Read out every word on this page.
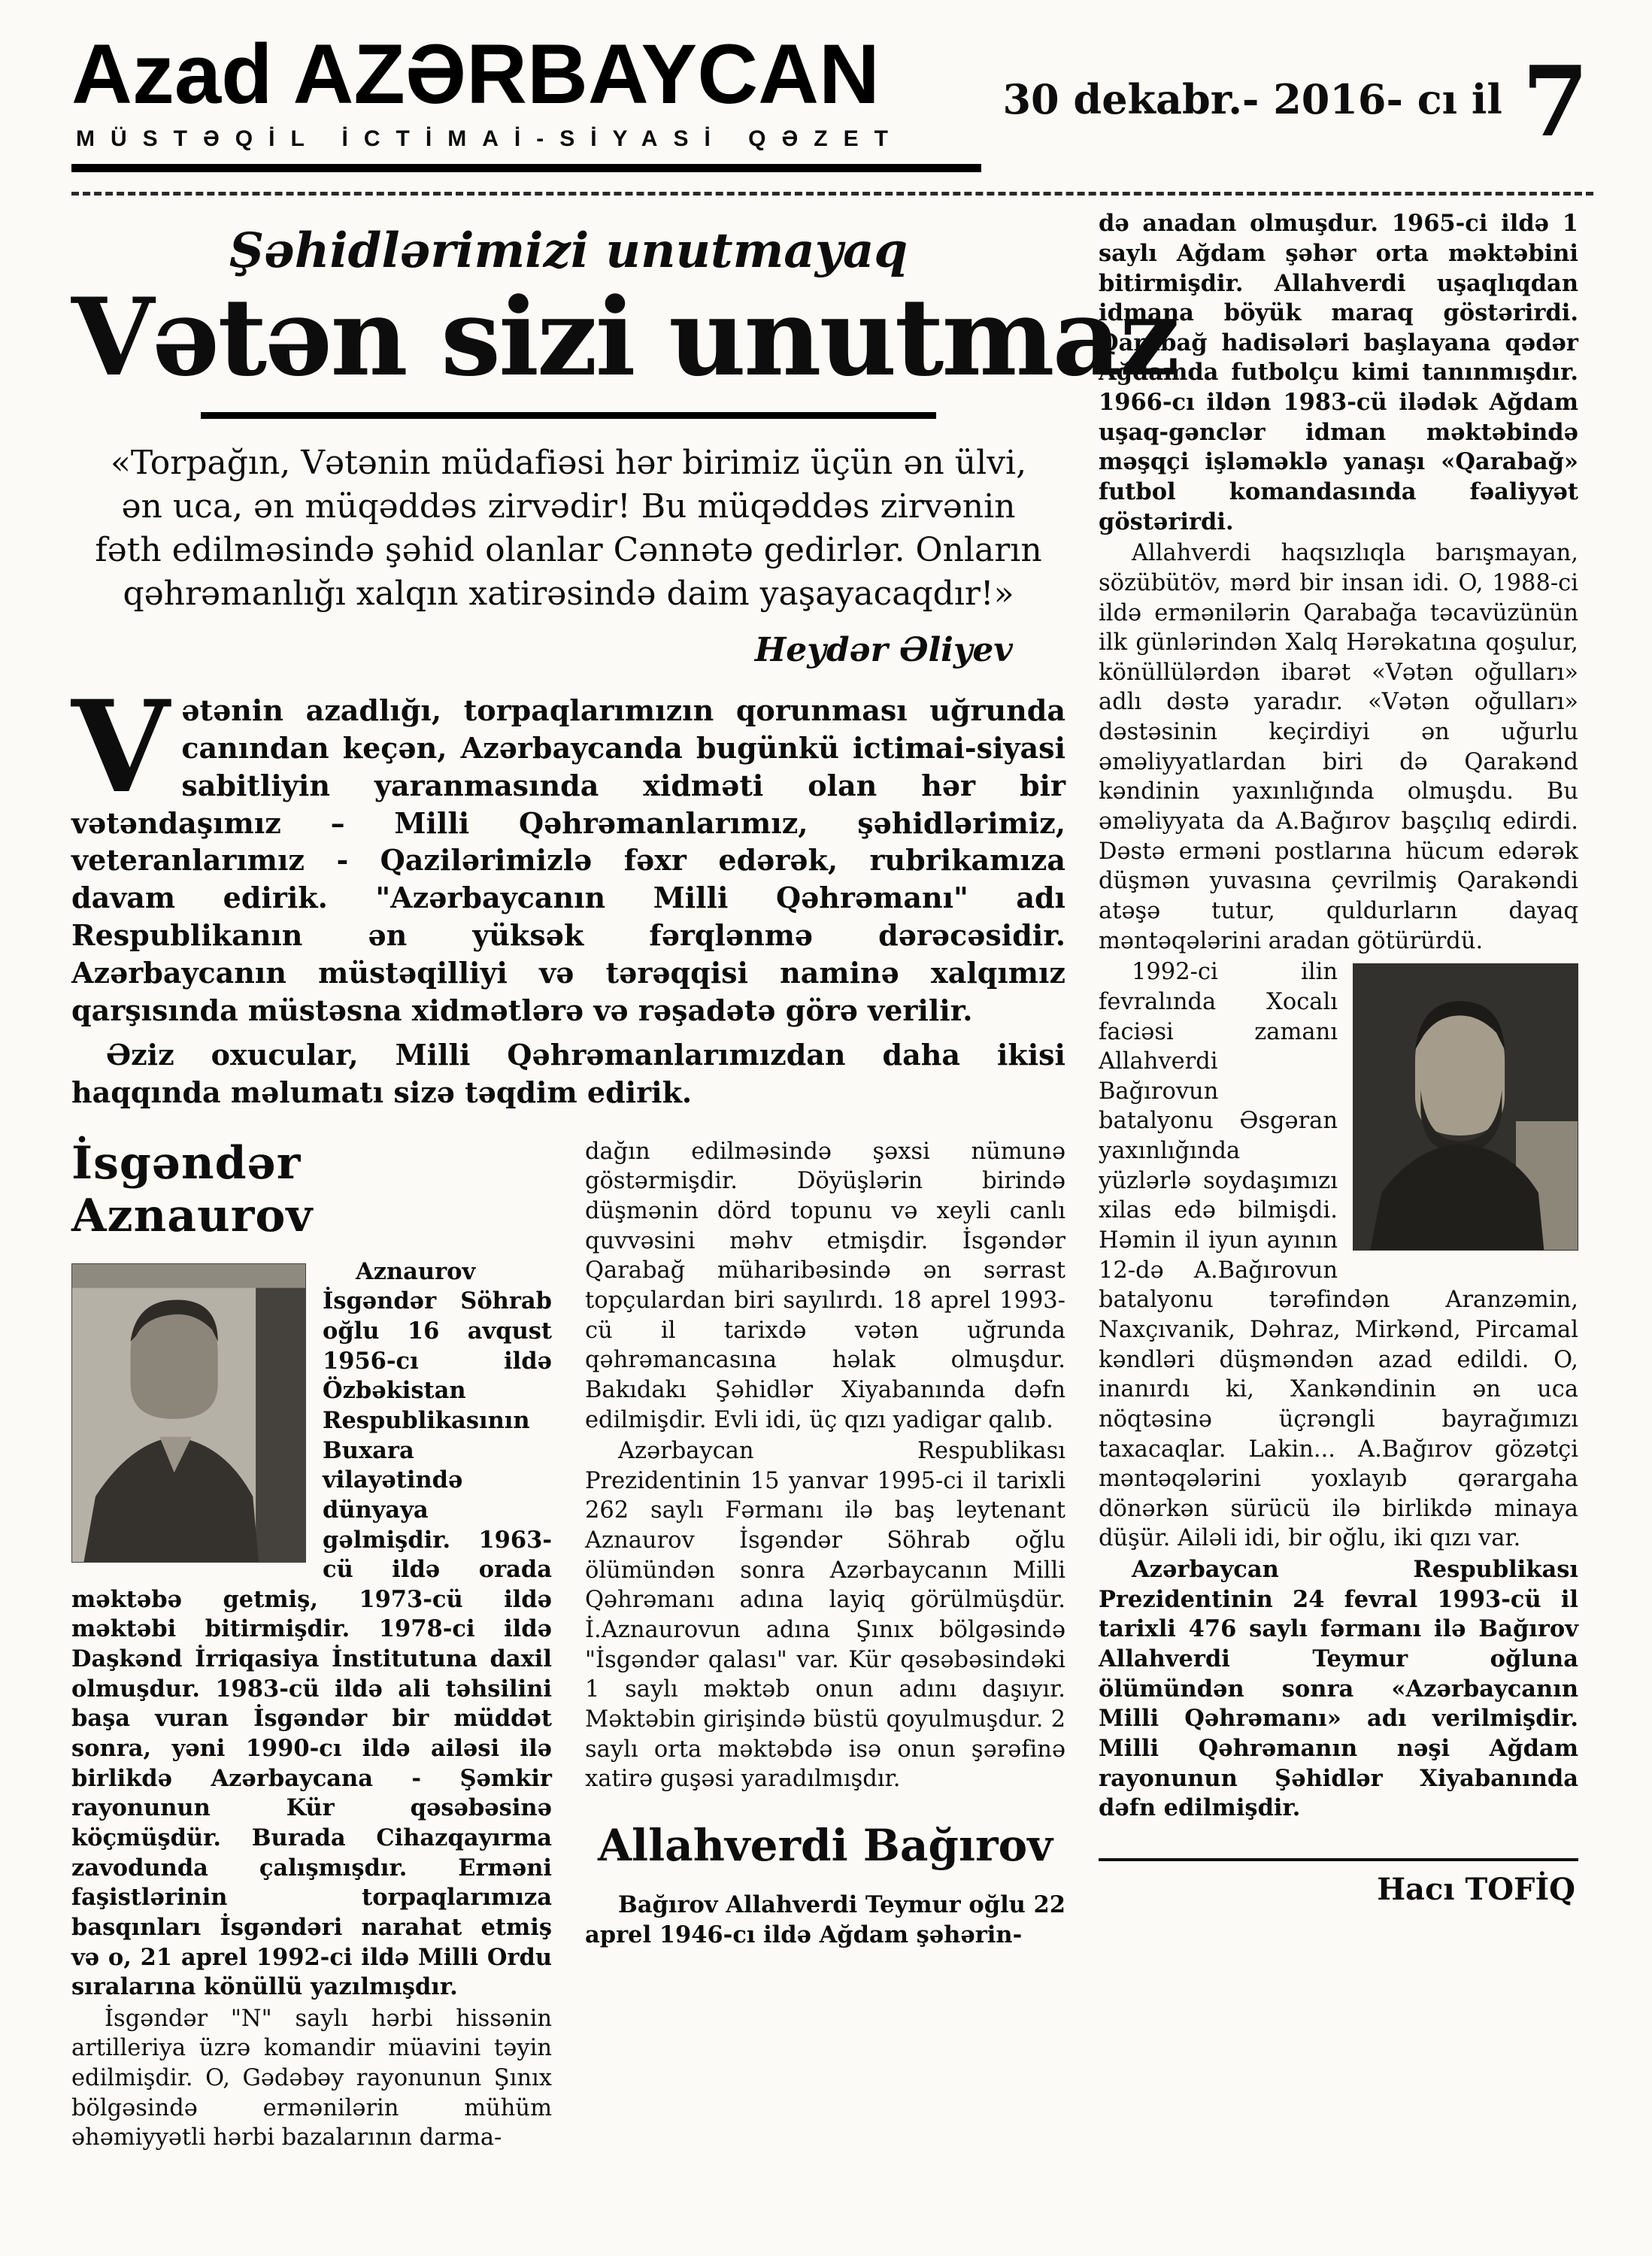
Azad AZƏRBAYCAN
MÜSTƏQİL İCTİMAİ-SİYASİ QƏZET
30 dekabr.- 2016- cı il 7
Şəhidlərimizi unutmayaq
Vətən sizi unutmaz

«Torpağın, Vətənin müdafiəsi hər birimiz üçün ən ülvi, ən uca, ən müqəddəs zirvədir! Bu müqəddəs zirvənin fəth edilməsində şəhid olanlar Cənnətə gedirlər. Onların qəhrəmanlığı xalqın xatirəsində daim yaşayacaqdır!»

Heydər Əliyev

Vətənin azadlığı, torpaqlarımızın qorunması uğrunda canından keçən, Azərbaycanda bugünkü ictimai-siyasi sabitliyin yaranmasında xidməti olan hər bir vətəndaşımız – Milli Qəhrəmanlarımız, şəhidlərimiz, veteranlarımız - Qazilərimizlə fəxr edərək, rubrikamıza davam edirik. "Azərbaycanın Milli Qəhrəmanı" adı Respublikanın ən yüksək fərqlənmə dərəcəsidir. Azərbaycanın müstəqilliyi və tərəqqisi naminə xalqımız qarşısında müstəsna xidmətlərə və rəşadətə görə verilir.

Əziz oxucular, Milli Qəhrəmanlarımızdan daha ikisi haqqında məlumatı sizə təqdim edirik.

İsgəndər Aznaurov

Aznaurov İsgəndər Söhrab oğlu 16 avqust 1956-cı ildə Özbəkistan Respublikasının Buxara vilayətində dünyaya gəlmişdir. 1963-cü ildə orada məktəbə getmiş, 1973-cü ildə məktəbi bitirmişdir. 1978-ci ildə Daşkənd İrriqasiya İnstitutuna daxil olmuşdur. 1983-cü ildə ali təhsilini başa vuran İsgəndər bir müddət sonra, yəni 1990-cı ildə ailəsi ilə birlikdə Azərbaycana - Şəmkir rayonunun Kür qəsəbəsinə köçmüşdür. Burada Cihazqayırma zavodunda çalışmışdır. Erməni faşistlərinin torpaqlarımıza basqınları İsgəndəri narahat etmiş və o, 21 aprel 1992-ci ildə Milli Ordu sıralarına könüllü yazılmışdır.

İsgəndər "N" saylı hərbi hissənin artilleriya üzrə komandir müavini təyin edilmişdir. O, Gədəbəy rayonunun Şınıx bölgəsində ermənilərin mühüm əhəmiyyətli hərbi bazalarının darma-

dağın edilməsində şəxsi nümunə göstərmişdir. Döyüşlərin birində düşmənin dörd topunu və xeyli canlı quvvəsini məhv etmişdir. İsgəndər Qarabağ müharibəsində ən sərrast topçulardan biri sayılırdı. 18 aprel 1993-cü il tarixdə vətən uğrunda qəhrəmancasına həlak olmuşdur. Bakıdakı Şəhidlər Xiyabanında dəfn edilmişdir. Evli idi, üç qızı yadigar qalıb.

Azərbaycan Respublikası Prezidentinin 15 yanvar 1995-ci il tarixli 262 saylı Fərmanı ilə baş leytenant Aznaurov İsgəndər Söhrab oğlu ölümündən sonra Azərbaycanın Milli Qəhrəmanı adına layiq görülmüşdür. İ.Aznaurovun adına Şınıx bölgəsində "İsgəndər qalası" var. Kür qəsəbəsindəki 1 saylı məktəb onun adını daşıyır. Məktəbin girişində büstü qoyulmuşdur. 2 saylı orta məktəbdə isə onun şərəfinə xatirə guşəsi yaradılmışdır.

Allahverdi Bağırov

Bağırov Allahverdi Teymur oğlu 22 aprel 1946-cı ildə Ağdam şəhərin-

də anadan olmuşdur. 1965-ci ildə 1 saylı Ağdam şəhər orta məktəbini bitirmişdir. Allahverdi uşaqlıqdan idmana böyük maraq göstərirdi. Qarabağ hadisələri başlayana qədər Ağdamda futbolçu kimi tanınmışdır. 1966-cı ildən 1983-cü ilədək Ağdam uşaq-gənclər idman məktəbində məşqçi işləməklə yanaşı «Qarabağ» futbol komandasında fəaliyyət göstərirdi.

Allahverdi haqsızlıqla barışmayan, sözübütöv, mərd bir insan idi. O, 1988-ci ildə ermənilərin Qarabağa təcavüzünün ilk günlərindən Xalq Hərəkatına qoşulur, könüllülərdən ibarət «Vətən oğulları» adlı dəstə yaradır. «Vətən oğulları» dəstəsinin keçirdiyi ən uğurlu əməliyyatlardan biri də Qarakənd kəndinin yaxınlığında olmuşdu. Bu əməliyyata da A.Bağırov başçılıq edirdi. Dəstə erməni postlarına hücum edərək düşmən yuvasına çevrilmiş Qarakəndi atəşə tutur, quldurların dayaq məntəqələrini aradan götürürdü.

1992-ci ilin fevralında Xocalı faciəsi zamanı Allahverdi Bağırovun batalyonu Əsgəran yaxınlığında yüzlərlə soydaşımızı xilas edə bilmişdi. Həmin il iyun ayının 12-də A.Bağırovun batalyonu tərəfindən Aranzəmin, Naxçıvanik, Dəhraz, Mirkənd, Pircamal kəndləri düşməndən azad edildi. O, inanırdı ki, Xankəndinin ən uca nöqtəsinə üçrəngli bayrağımızı taxacaqlar. Lakin... A.Bağırov gözətçi məntəqələrini yoxlayıb qərargaha dönərkən sürücü ilə birlikdə minaya düşür. Ailəli idi, bir oğlu, iki qızı var.

Azərbaycan Respublikası Prezidentinin 24 fevral 1993-cü il tarixli 476 saylı fərmanı ilə Bağırov Allahverdi Teymur oğluna ölümündən sonra «Azərbaycanın Milli Qəhrəmanı» adı verilmişdir. Milli Qəhrəmanın nəşi Ağdam rayonunun Şəhidlər Xiyabanında dəfn edilmişdir.

Hacı TOFİQ
